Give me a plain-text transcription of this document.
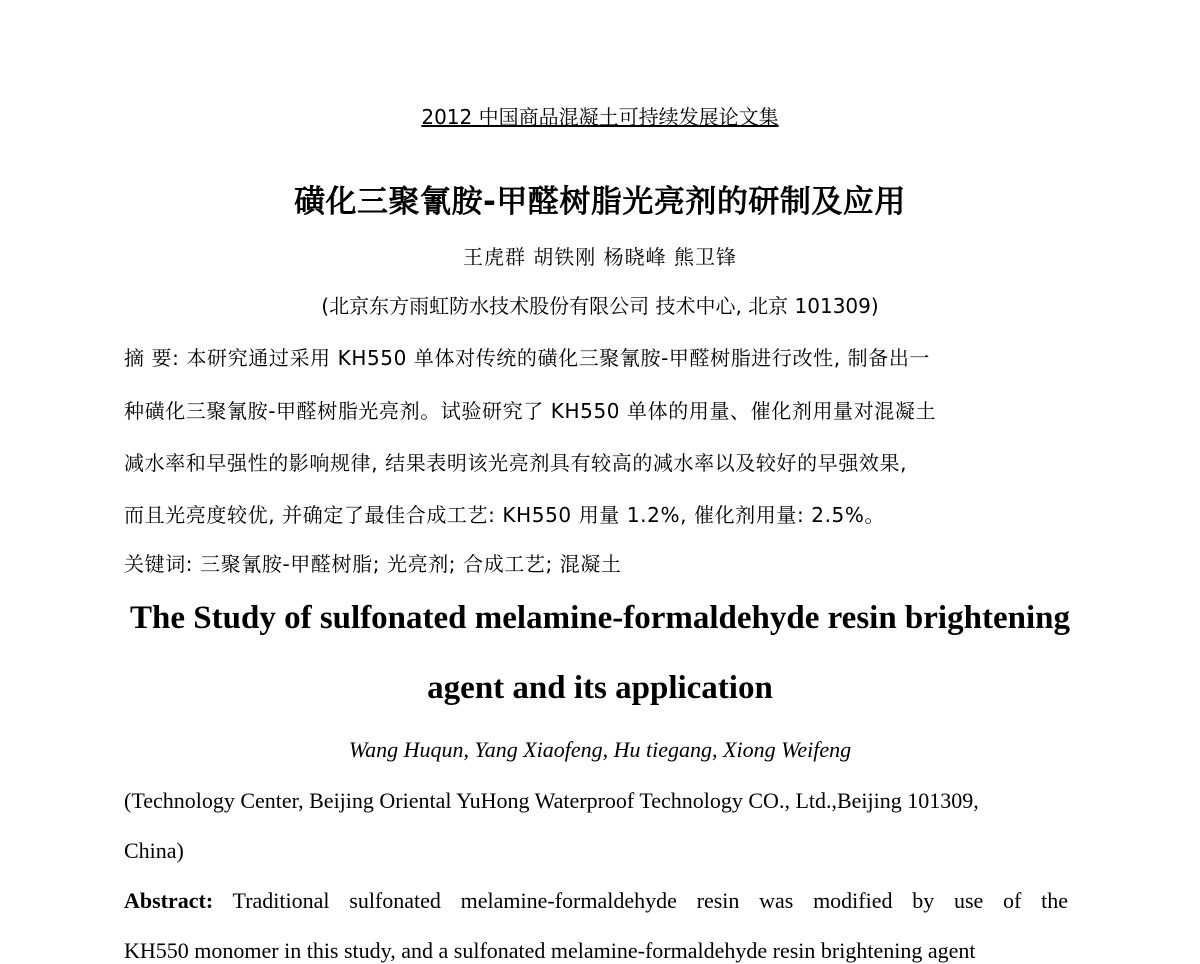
2012 中国商品混凝土可持续发展论文集
磺化三聚氰胺-甲醛树脂光亮剂的研制及应用
王虎群 胡铁刚 杨晓峰 熊卫锋
(北京东方雨虹防水技术股份有限公司 技术中心, 北京 101309)
摘 要: 本研究通过采用 KH550 单体对传统的磺化三聚氰胺-甲醛树脂进行改性, 制备出一
种磺化三聚氰胺-甲醛树脂光亮剂。试验研究了 KH550 单体的用量、催化剂用量对混凝土
减水率和早强性的影响规律, 结果表明该光亮剂具有较高的减水率以及较好的早强效果,
而且光亮度较优, 并确定了最佳合成工艺: KH550 用量 1.2%, 催化剂用量: 2.5%。
关键词: 三聚氰胺-甲醛树脂; 光亮剂; 合成工艺; 混凝土
The Study of sulfonated melamine-formaldehyde resin brightening
agent and its application
Wang Huqun, Yang Xiaofeng, Hu tiegang, Xiong Weifeng
(Technology Center, Beijing Oriental YuHong Waterproof Technology CO., Ltd.,Beijing 101309,
China)
Abstract: Traditional sulfonated melamine-formaldehyde resin was modified by use of the
KH550 monomer in this study, and a sulfonated melamine-formaldehyde resin brightening agent
